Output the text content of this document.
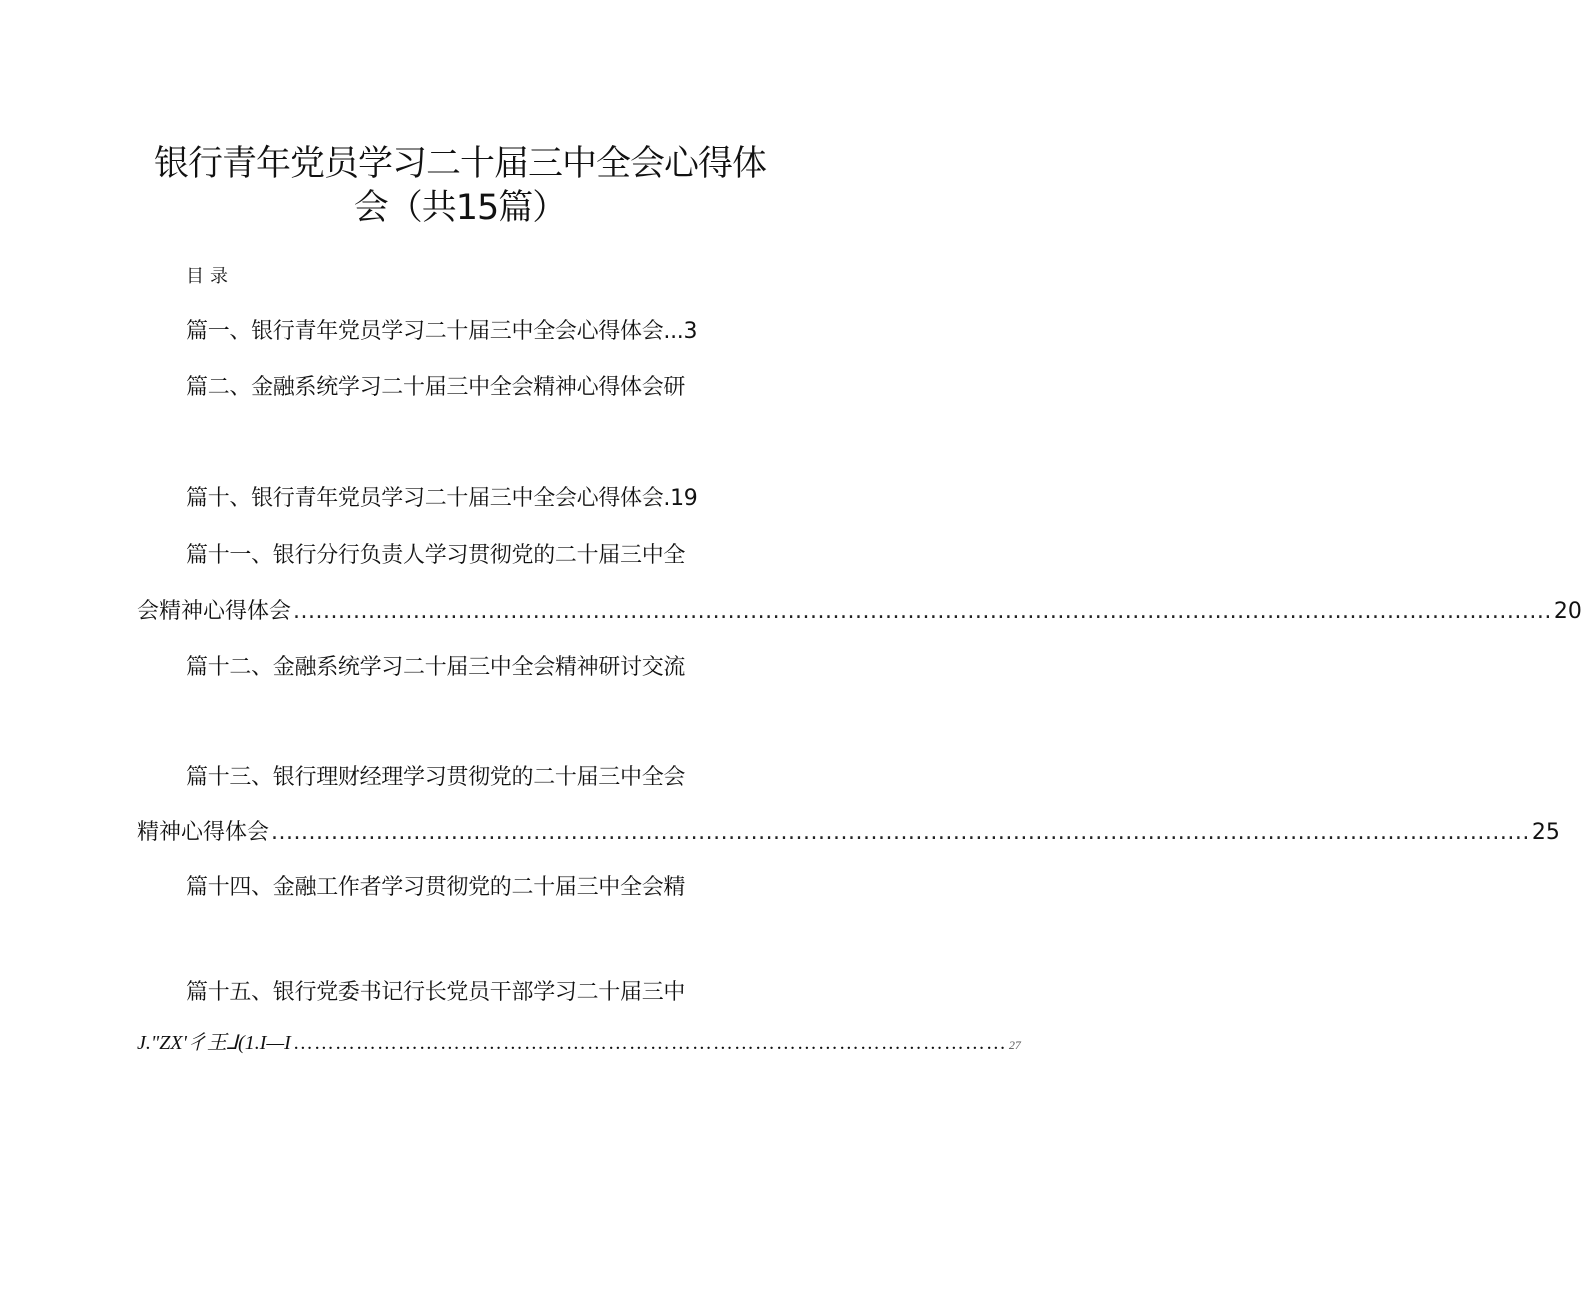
银行青年党员学习二十届三中全会心得体
会（共15篇）
目录
篇一、银行青年党员学习二十届三中全会心得体会...3
篇二、金融系统学习二十届三中全会精神心得体会研
篇十、银行青年党员学习二十届三中全会心得体会.19
篇十一、银行分行负责人学习贯彻党的二十届三中全
会精神心得体会 ........................................................................................................................................................................ 20
篇十二、金融系统学习二十届三中全会精神研讨交流
篇十三、银行理财经理学习贯彻党的二十届三中全会
精神心得体会 ........................................................................................................................................................................ 25
篇十四、金融工作者学习贯彻党的二十届三中全会精
篇十五、银行党委书记行长党员干部学习二十届三中
J."ZX'彳王⅃(1.I—I ………………………………………………………………………………………… 27
